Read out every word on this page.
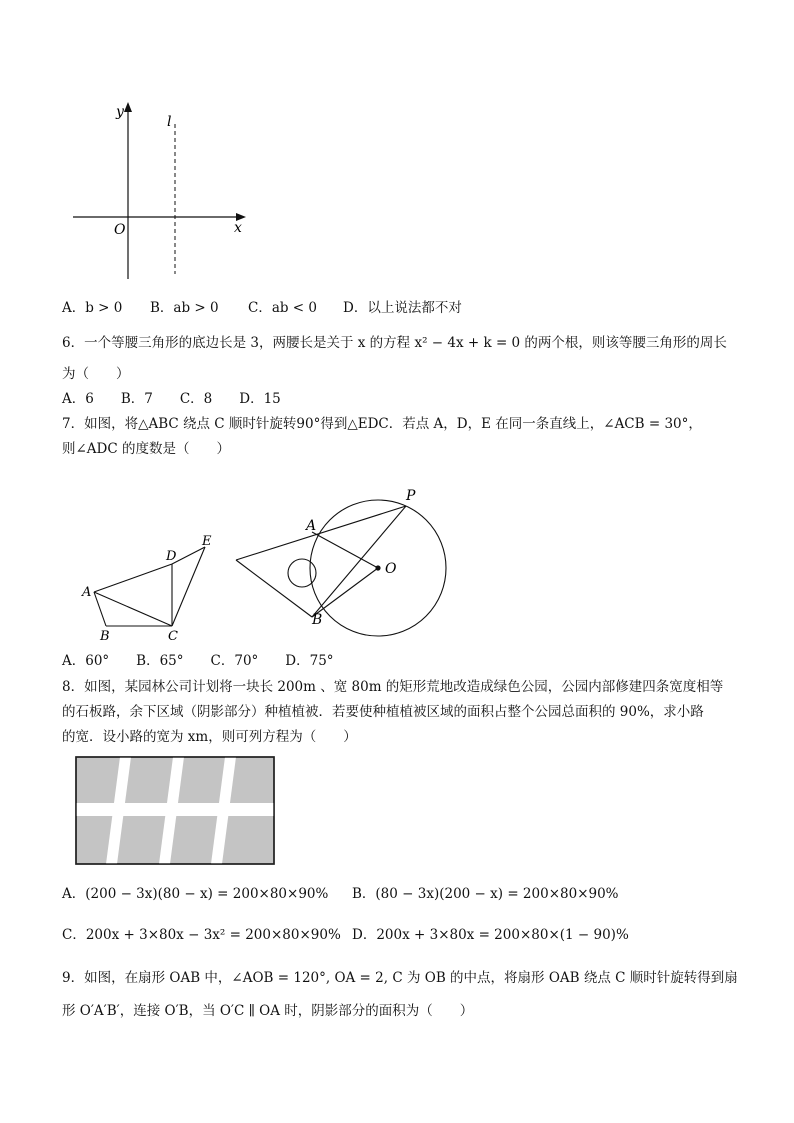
y
l
O	x
A．b > 0 B．ab > 0 C．ab < 0 D．以上说法都不对
6．一个等腰三角形的底边长是 3，两腰长是关于 x 的方程 x² − 4x + k = 0 的两个根，则该等腰三角形的周长
为（　　）
A．6　　B．7　　C．8　　D．15
7．如图，将△ABC 绕点 C 顺时针旋转90°得到△EDC．若点 A，D，E 在同一条直线上，∠ACB = 30°，
则∠ADC 的度数是（　　）
A
B	C
D
E
P
A
O
B
A．60°　　B．65°　　C．70°　　D．75°
8．如图，某园林公司计划将一块长 200m 、宽 80m 的矩形荒地改造成绿色公园，公园内部修建四条宽度相等
的石板路，余下区域（阴影部分）种植植被．若要使种植植被区域的面积占整个公园总面积的 90%，求小路
的宽．设小路的宽为 xm，则可列方程为（　　）
A．(200 − 3x)(80 − x) = 200×80×90% B．(80 − 3x)(200 − x) = 200×80×90%
C．200x + 3×80x − 3x² = 200×80×90% D．200x + 3×80x = 200×80×(1 − 90)%
9．如图，在扇形 OAB 中，∠AOB = 120°, OA = 2, C 为 OB 的中点，将扇形 OAB 绕点 C 顺时针旋转得到扇
形 O′A′B′，连接 O′B，当 O′C ∥ OA 时，阴影部分的面积为（　　）
